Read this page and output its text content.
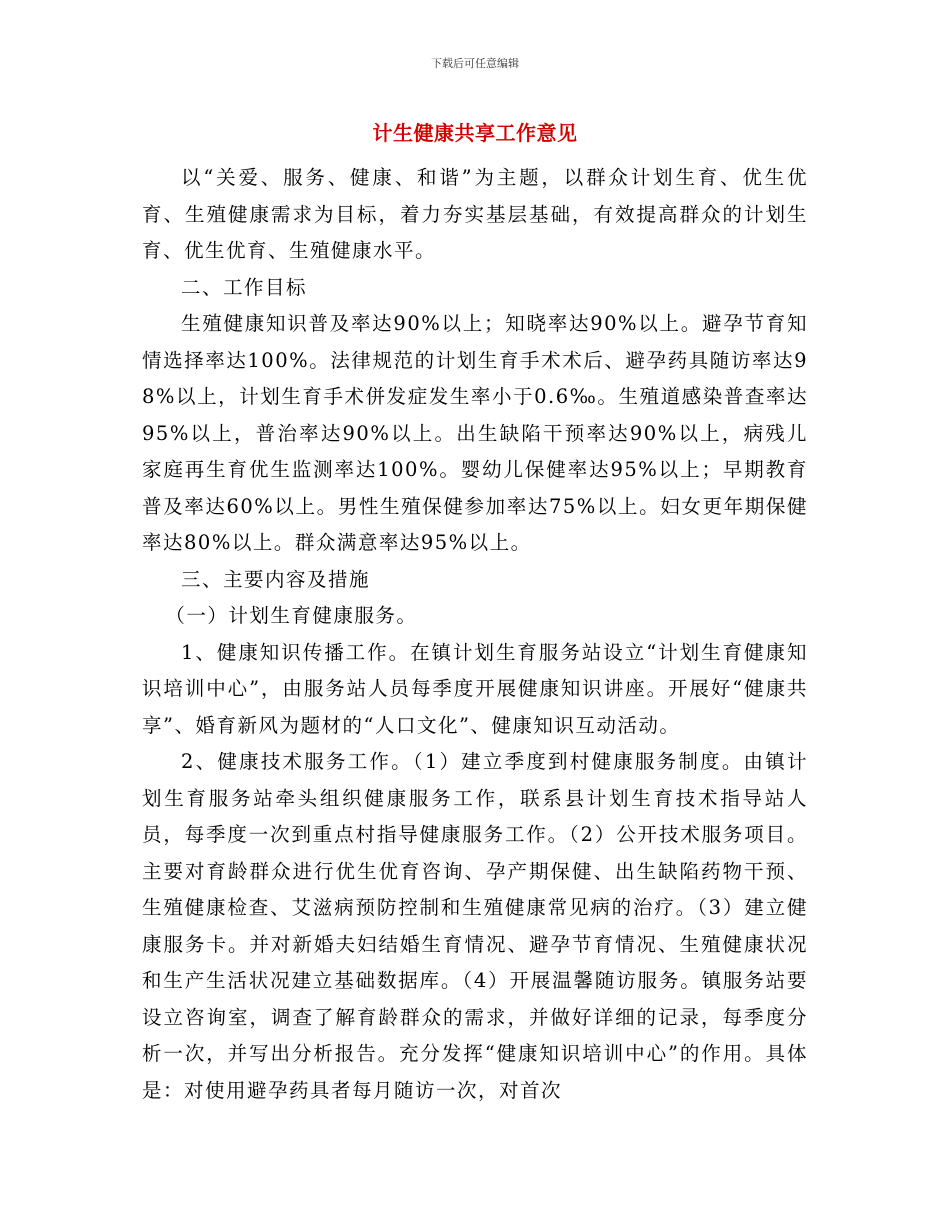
下载后可任意编辑
计生健康共享工作意见

以“关爱、服务、健康、和谐”为主题，以群众计划生育、优生优育、生殖健康需求为目标，着力夯实基层基础，有效提高群众的计划生育、优生优育、生殖健康水平。

二、工作目标

生殖健康知识普及率达90%以上；知晓率达90%以上。避孕节育知情选择率达100%。法律规范的计划生育手术术后、避孕药具随访率达98%以上，计划生育手术併发症发生率小于0.6‰。生殖道感染普查率达95%以上，普治率达90%以上。出生缺陷干预率达90%以上，病残儿家庭再生育优生监测率达100%。婴幼儿保健率达95%以上；早期教育普及率达60%以上。男性生殖保健参加率达75%以上。妇女更年期保健率达80%以上。群众满意率达95%以上。

三、主要内容及措施

（一）计划生育健康服务。

1、健康知识传播工作。在镇计划生育服务站设立“计划生育健康知识培训中心”，由服务站人员每季度开展健康知识讲座。开展好“健康共享”、婚育新风为题材的“人口文化”、健康知识互动活动。

2、健康技术服务工作。（1）建立季度到村健康服务制度。由镇计划生育服务站牵头组织健康服务工作，联系县计划生育技术指导站人员，每季度一次到重点村指导健康服务工作。（2）公开技术服务项目。主要对育龄群众进行优生优育咨询、孕产期保健、出生缺陷药物干预、生殖健康检查、艾滋病预防控制和生殖健康常见病的治疗。（3）建立健康服务卡。并对新婚夫妇结婚生育情况、避孕节育情况、生殖健康状况和生产生活状况建立基础数据库。（4）开展温馨随访服务。镇服务站要设立咨询室，调查了解育龄群众的需求，并做好详细的记录，每季度分析一次，并写出分析报告。充分发挥“健康知识培训中心”的作用。具体是：对使用避孕药具者每月随访一次，对首次
